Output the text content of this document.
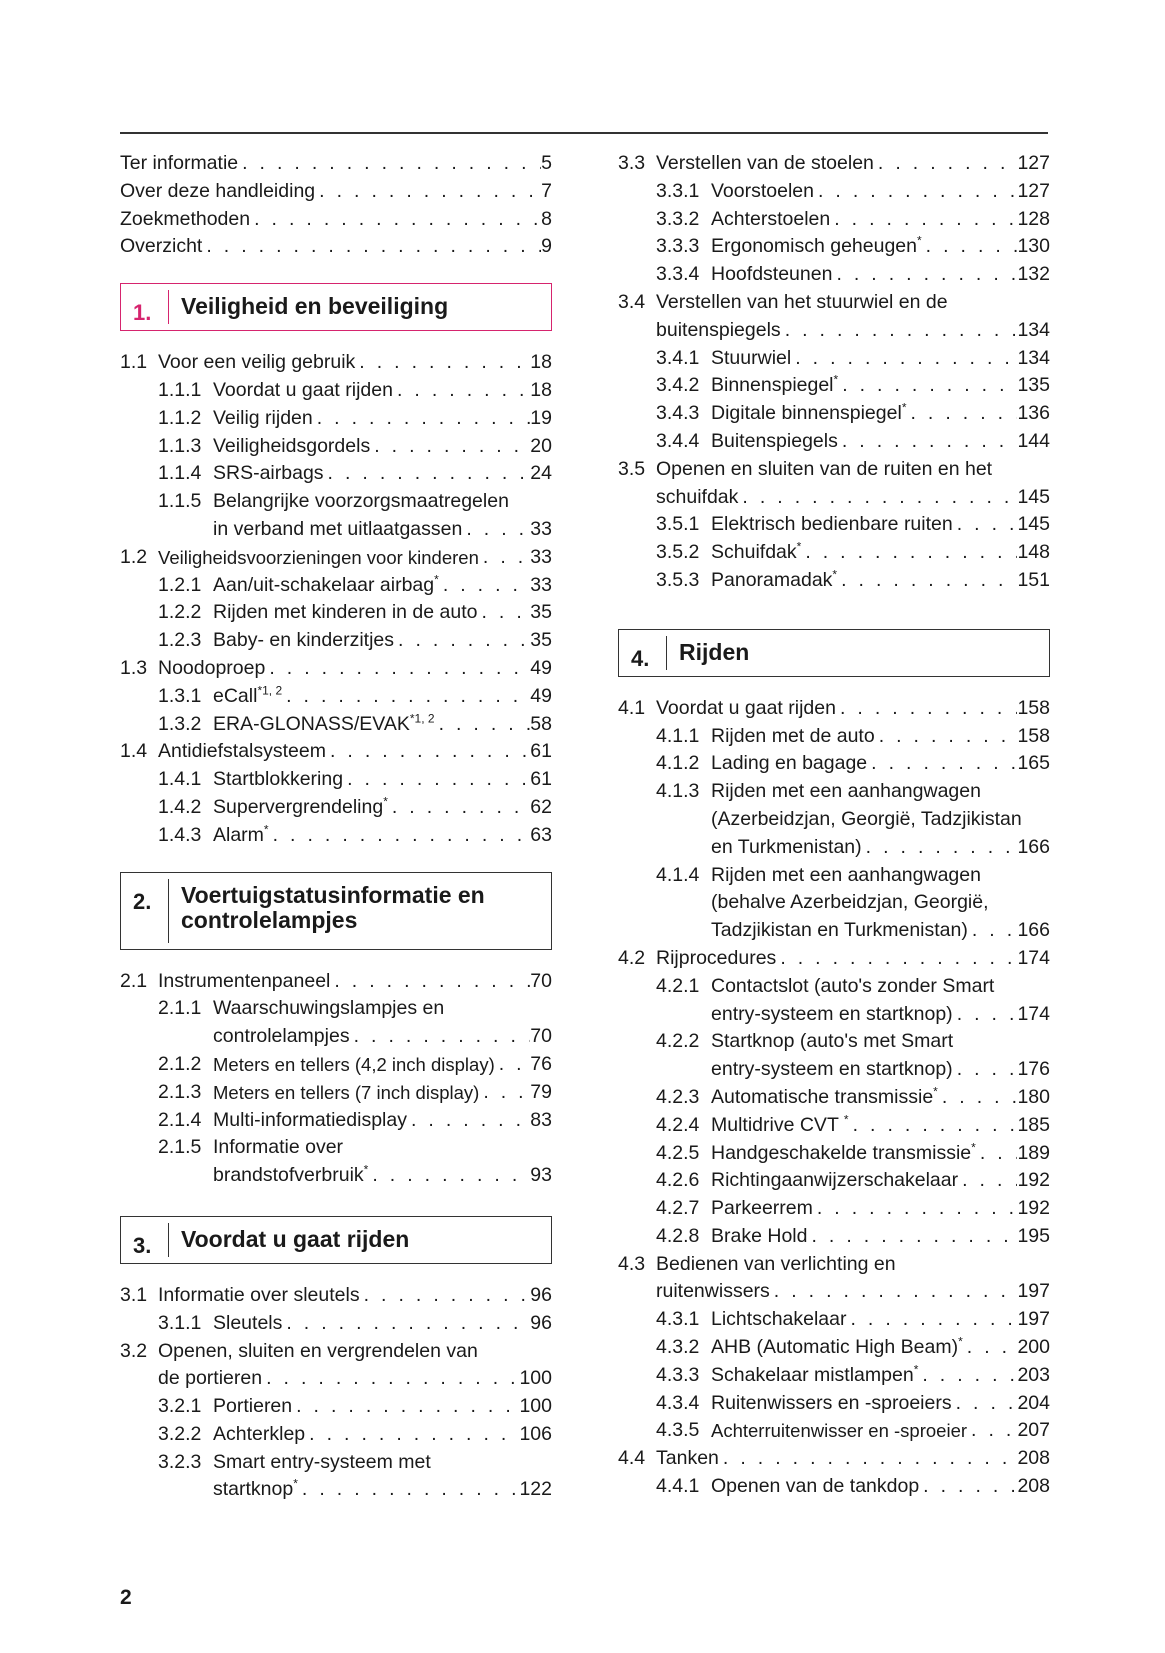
Ter informatie . . .	5
Over deze handleiding . . .	7
Zoekmethoden . . .	8
Overzicht . . .	9
1.	Veiligheid en beveiliging
1.1 Voor een veilig gebruik . . .	18
1.1.1 Voordat u gaat rijden . . .	18
1.1.2 Veilig rijden . . .	19
1.1.3 Veiligheidsgordels . . .	20
1.1.4 SRS-airbags . . .	24
1.1.5 Belangrijke voorzorgsmaatregelen
in verband met uitlaatgassen . . .	33
1.2 Veiligheidsvoorzieningen voor kinderen . . .	33
1.2.1 Aan/uit-schakelaar airbag* . . .	33
1.2.2 Rijden met kinderen in de auto . . .	35
1.2.3 Baby- en kinderzitjes . . .	35
1.3 Noodoproep . . .	49
1.3.1 eCall$^{*1, 2}$ . . .	49
1.3.2 ERA-GLONASS/EVAK$^{*1, 2}$ . . .	58
1.4 Antidiefstalsysteem . . .	61
1.4.1 Startblokkering . . .	61
1.4.2 Supervergrendeling* . . .	62
1.4.3 Alarm* . . .	63
2.	Voertuigstatusinformatie en controlelampjes
2.1 Instrumentenpaneel . . .	70
2.1.1 Waarschuwingslampjes en
controlelampjes . . .	70
2.1.2 Meters en tellers (4,2 inch display) . . . 76
2.1.3 Meters en tellers (7 inch display) . . .	79
2.1.4 Multi-informatiedisplay . . .	83
2.1.5 Informatie over
brandstofverbruik* . . .	93
3.	Voordat u gaat rijden
3.1 Informatie over sleutels . . .	96
3.1.1 Sleutels . . .	96
3.2 Openen, sluiten en vergrendelen van
de portieren . . .	100
3.2.1 Portieren . . .	100
3.2.2 Achterklep . . .	106
3.2.3 Smart entry-systeem met
startknop* . . .	122
3.3 Verstellen van de stoelen . . .	127
3.3.1 Voorstoelen . . .	127
3.3.2 Achterstoelen . . .	128
3.3.3 Ergonomisch geheugen* . . .	130
3.3.4 Hoofdsteunen . . .	132
3.4 Verstellen van het stuurwiel en de
buitenspiegels . . .	134
3.4.1 Stuurwiel . . .	134
3.4.2 Binnenspiegel* . . .	135
3.4.3 Digitale binnenspiegel* . . .	136
3.4.4 Buitenspiegels . . .	144
3.5 Openen en sluiten van de ruiten en het
schuifdak . . .	145
3.5.1 Elektrisch bedienbare ruiten . . .	145
3.5.2 Schuifdak* . . .	148
3.5.3 Panoramadak* . . .	151
4.	Rijden
4.1 Voordat u gaat rijden . . .	158
4.1.1 Rijden met de auto . . .	158
4.1.2 Lading en bagage . . .	165
4.1.3 Rijden met een aanhangwagen
(Azerbeidzjan, Georgië, Tadzjikistan
en Turkmenistan) . . .	166
4.1.4 Rijden met een aanhangwagen
(behalve Azerbeidzjan, Georgië,
Tadzjikistan en Turkmenistan) . . .	166
4.2 Rijprocedures . . .	174
4.2.1 Contactslot (auto's zonder Smart
entry-systeem en startknop) . . .	174
4.2.2 Startknop (auto's met Smart
entry-systeem en startknop) . . .	176
4.2.3 Automatische transmissie* . . .	180
4.2.4 Multidrive CVT * . . .	185
4.2.5 Handgeschakelde transmissie* . . . 189
4.2.6 Richtingaanwijzerschakelaar . . .	192
4.2.7 Parkeerrem . . .	192
4.2.8 Brake Hold . . .	195
4.3 Bedienen van verlichting en
ruitenwissers . . .	197
4.3.1 Lichtschakelaar . . .	197
4.3.2 AHB (Automatic High Beam)* . . .	200
4.3.3 Schakelaar mistlampen* . . .	203
4.3.4 Ruitenwissers en -sproeiers . . .	204
4.3.5 Achterruitenwisser en -sproeier . . .	207
4.4 Tanken . . .	208
4.4.1 Openen van de tankdop . . .	208
2
